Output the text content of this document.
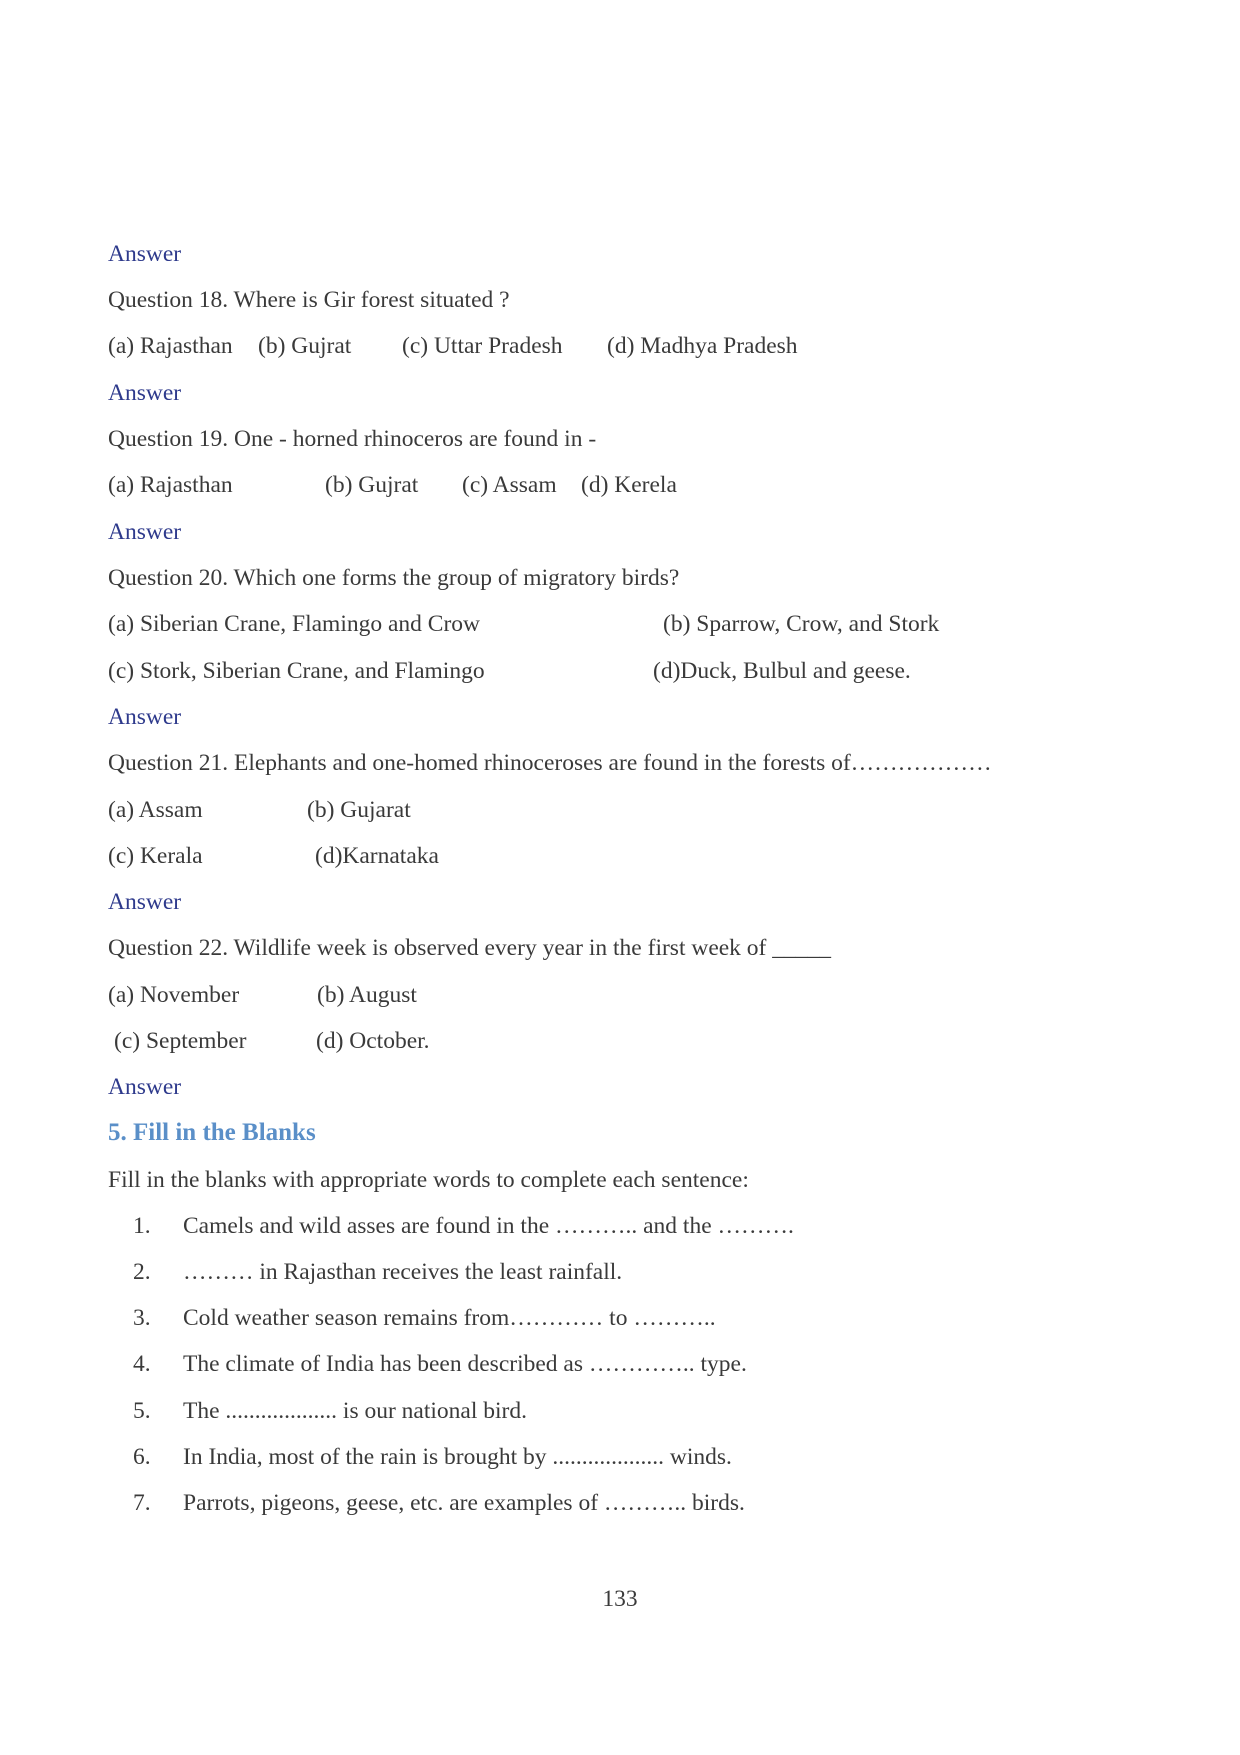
Answer
Question 18. Where is Gir forest situated ?
(a) Rajasthan (b) Gujrat (c) Uttar Pradesh (d) Madhya Pradesh
Answer
Question 19. One - horned rhinoceros are found in -
(a) Rajasthan	(b) Gujrat (c) Assam (d) Kerela
Answer
Question 20. Which one forms the group of migratory birds?
(a) Siberian Crane, Flamingo and Crow	(b) Sparrow, Crow, and Stork
(c) Stork, Siberian Crane, and Flamingo	(d)Duck, Bulbul and geese.
Answer
Question 21. Elephants and one-homed rhinoceroses are found in the forests of………………
(a) Assam	(b) Gujarat
(c) Kerala	(d)Karnataka
Answer
Question 22. Wildlife week is observed every year in the first week of _____
(a) November	(b) August
(c) September	(d) October.
Answer
5. Fill in the Blanks
Fill in the blanks with appropriate words to complete each sentence:
1. Camels and wild asses are found in the ……….. and the ……….
2. ……… in Rajasthan receives the least rainfall.
3. Cold weather season remains from………… to ………..
4. The climate of India has been described as ………….. type.
5. The ................... is our national bird.
6. In India, most of the rain is brought by ................... winds.
7. Parrots, pigeons, geese, etc. are examples of ……….. birds.
133
